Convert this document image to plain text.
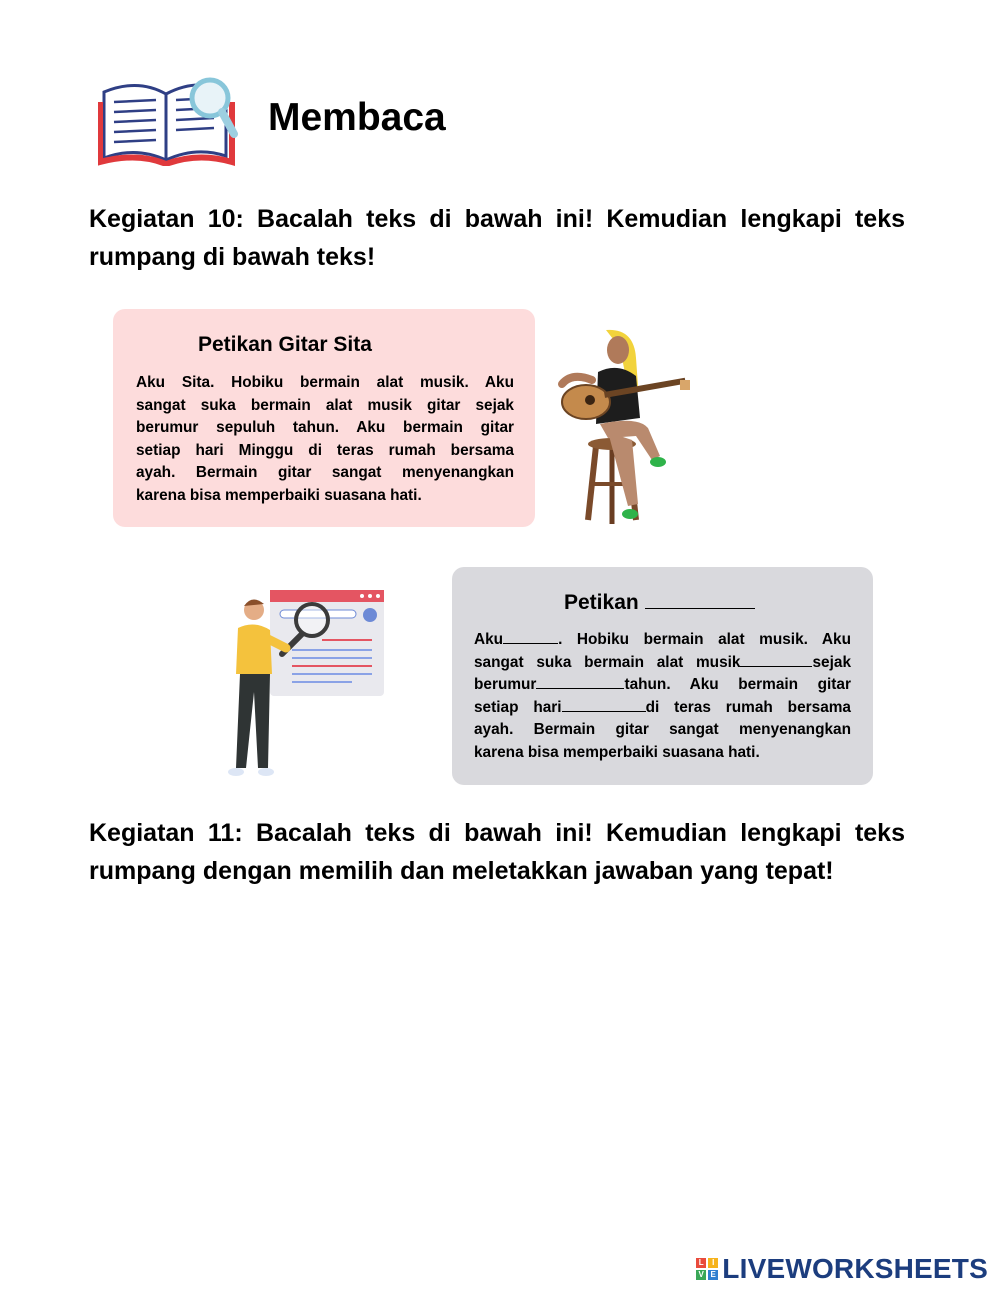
Membaca

Kegiatan 10: Bacalah teks di bawah ini! Kemudian lengkapi teks rumpang di bawah teks!

Petikan Gitar Sita
Aku Sita. Hobiku bermain alat musik. Aku
sangat suka bermain alat musik gitar sejak
berumur sepuluh tahun. Aku bermain gitar
setiap hari Minggu di teras rumah bersama
ayah. Bermain gitar sangat menyenangkan
karena bisa memperbaiki suasana hati.
Petikan
Aku	. Hobiku bermain alat musik. Aku
sangat suka bermain alat musik	sejak
berumur	tahun. Aku bermain gitar
setiap hari	di teras rumah bersama
ayah. Bermain gitar sangat menyenangkan
karena bisa memperbaiki suasana hati.

Kegiatan 11: Bacalah teks di bawah ini! Kemudian lengkapi teks rumpang dengan memilih dan meletakkan jawaban yang tepat!

L	I
V E LIVEWORKSHEETS
